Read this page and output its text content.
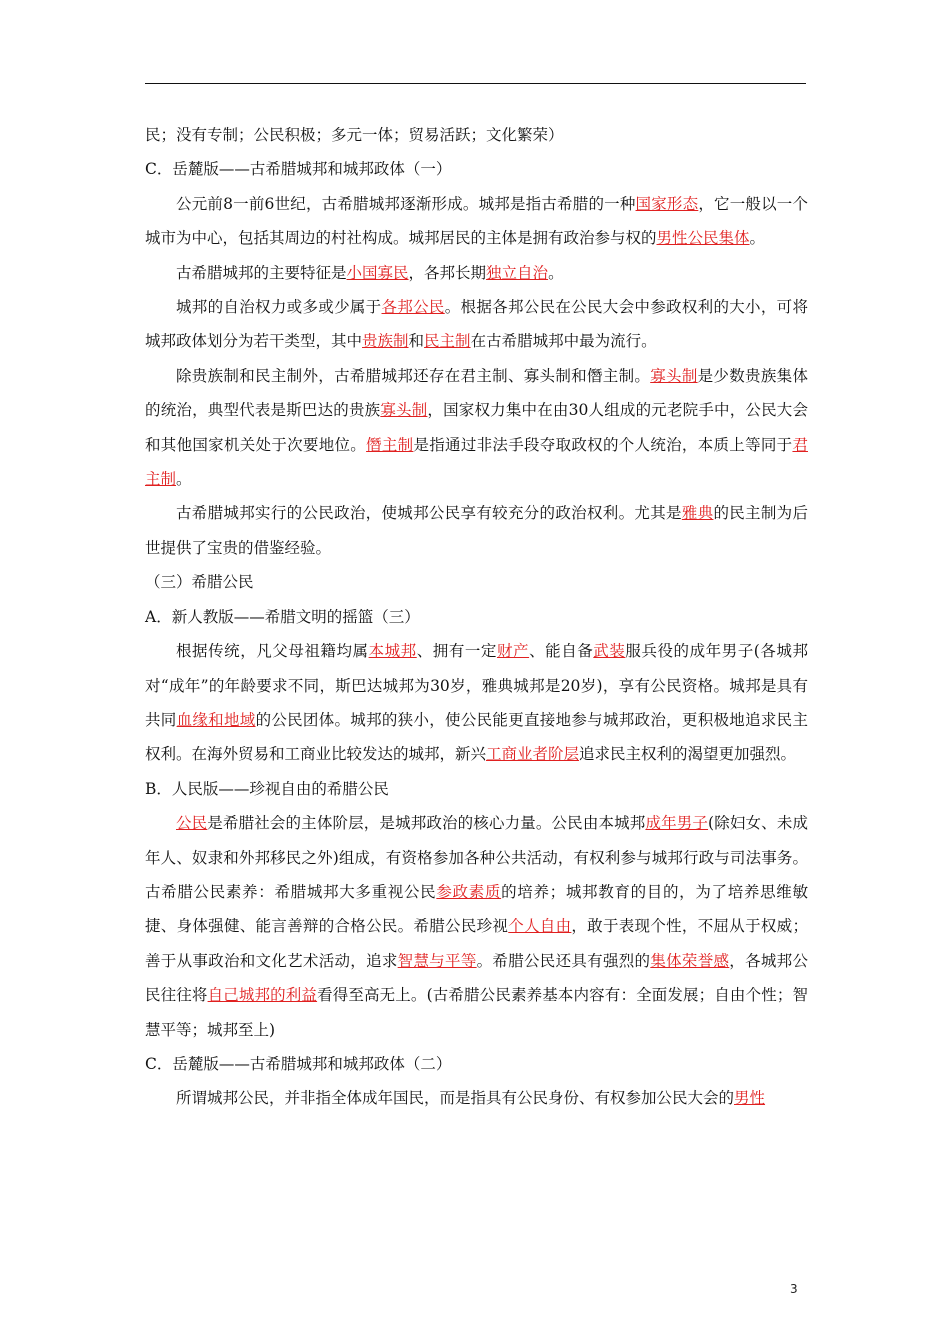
民；没有专制；公民积极；多元一体；贸易活跃；文化繁荣）

C．岳麓版——古希腊城邦和城邦政体（一）

公元前8一前6世纪，古希腊城邦逐渐形成。城邦是指古希腊的一种国家形态，它一般以一个城市为中心，包括其周边的村社构成。城邦居民的主体是拥有政治参与权的男性公民集体。

古希腊城邦的主要特征是小国寡民，各邦长期独立自治。

城邦的自治权力或多或少属于各邦公民。根据各邦公民在公民大会中参政权利的大小，可将城邦政体划分为若干类型，其中贵族制和民主制在古希腊城邦中最为流行。

除贵族制和民主制外，古希腊城邦还存在君主制、寡头制和僭主制。寡头制是少数贵族集体的统治，典型代表是斯巴达的贵族寡头制，国家权力集中在由30人组成的元老院手中，公民大会和其他国家机关处于次要地位。僭主制是指通过非法手段夺取政权的个人统治，本质上等同于君主制。

古希腊城邦实行的公民政治，使城邦公民享有较充分的政治权利。尤其是雅典的民主制为后世提供了宝贵的借鉴经验。

（三）希腊公民

A．新人教版——希腊文明的摇篮（三）

根据传统，凡父母祖籍均属本城邦、拥有一定财产、能自备武装服兵役的成年男子(各城邦对“成年”的年龄要求不同，斯巴达城邦为30岁，雅典城邦是20岁)，享有公民资格。城邦是具有共同血缘和地域的公民团体。城邦的狭小，使公民能更直接地参与城邦政治，更积极地追求民主权利。在海外贸易和工商业比较发达的城邦，新兴工商业者阶层追求民主权利的渴望更加强烈。

B．人民版——珍视自由的希腊公民

公民是希腊社会的主体阶层，是城邦政治的核心力量。公民由本城邦成年男子(除妇女、未成年人、奴隶和外邦移民之外)组成，有资格参加各种公共活动，有权利参与城邦行政与司法事务。古希腊公民素养：希腊城邦大多重视公民参政素质的培养；城邦教育的目的，为了培养思维敏捷、身体强健、能言善辩的合格公民。希腊公民珍视个人自由，敢于表现个性，不屈从于权威；善于从事政治和文化艺术活动，追求智慧与平等。希腊公民还具有强烈的集体荣誉感，各城邦公民往往将自己城邦的利益看得至高无上。(古希腊公民素养基本内容有：全面发展；自由个性；智慧平等；城邦至上)

C．岳麓版——古希腊城邦和城邦政体（二）

所谓城邦公民，并非指全体成年国民，而是指具有公民身份、有权参加公民大会的男性

3
